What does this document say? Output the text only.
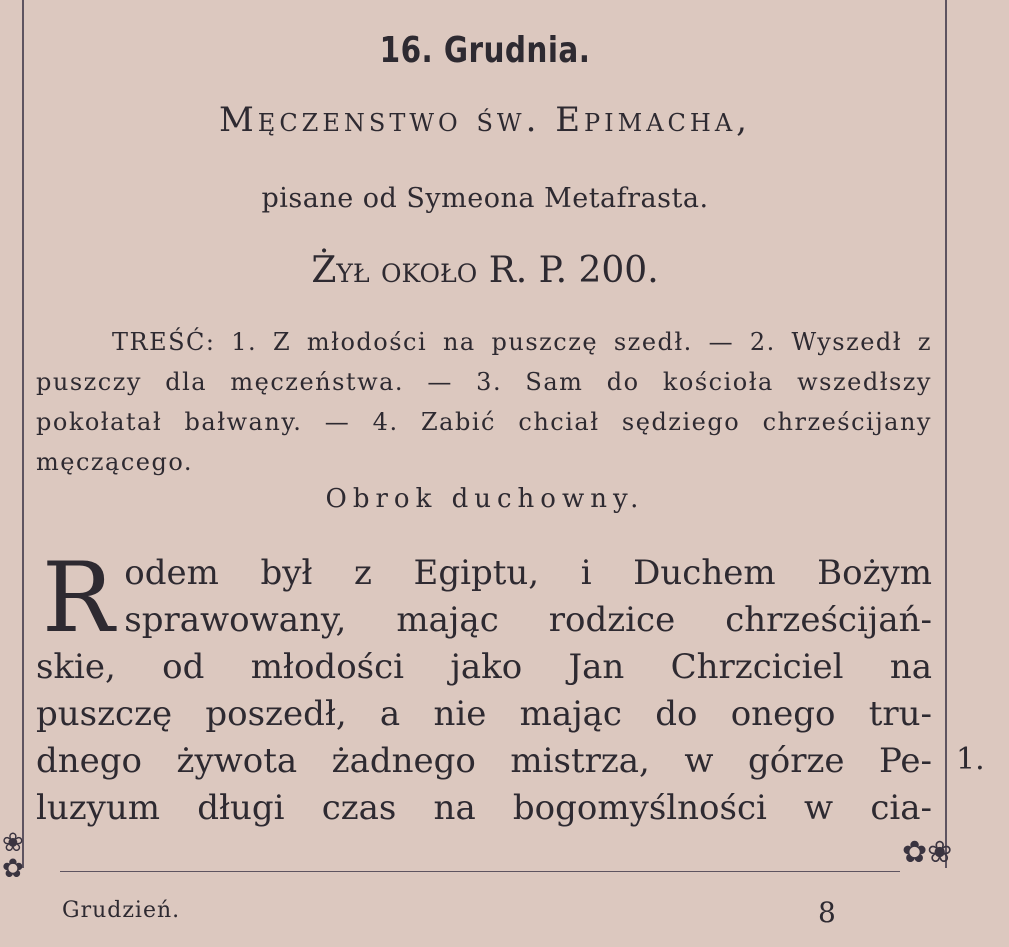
❀
✿	✿❀
16. Grudnia.
Męczenstwo św. Epimacha,
pisane od Symeona Metafrasta.
Żył około R. P. 200.

TREŚĆ: 1. Z młodości na puszczę szedł. — 2. Wyszedł z puszczy dla męczeństwa. — 3. Sam do kościoła wszedłszy pokołatał bałwany. — 4. Zabić chciał sędziego chrześcijany męczącego.

Obrok duchowny.
R odem był z Egiptu, i Duchem Bożym
sprawowany, mając rodzice chrześcijań-
skie, od młodości jako Jan Chrzciciel na
puszczę poszedł, a nie mając do onego tru-
dnego żywota żadnego mistrza, w górze Pe-
luzyum długi czas na bogomyślności w cia-
1.
Grudzień.	8
